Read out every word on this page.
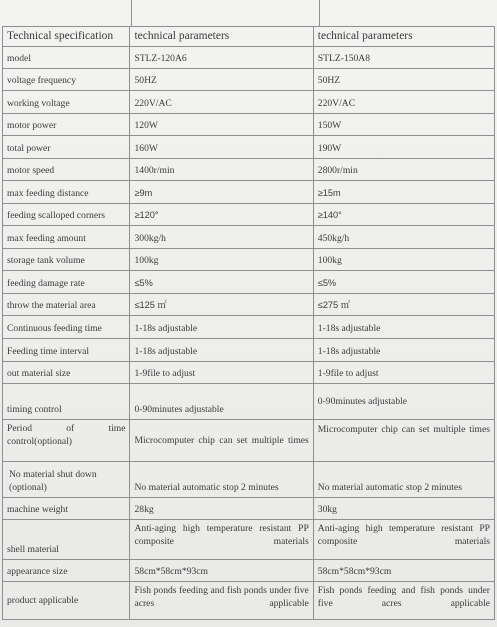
Technical specification	technical parameters	technical parameters
model	STLZ-120A6	STLZ-150A8
voltage frequency	50HZ	50HZ
working voltage	220V/AC	220V/AC
motor power	120W	150W
total power	160W	190W
motor speed	1400r/min	2800r/min
max feeding distance	≥9m	≥15m
feeding scalloped corners	≥120°	≥140°
max feeding amount	300kg/h	450kg/h
storage tank volume	100kg	100kg
feeding damage rate	≤5%	≤5%
throw the material area	≤125 ㎡	≤275 ㎡
Continuous feeding time	1-18s adjustable	1-18s adjustable
Feeding time interval	1-18s adjustable	1-18s adjustable
out material size	1-9file to adjust	1-9file to adjust
timing control	0-90minutes adjustable	0-90minutes adjustable
Period of time control(optional)	Microcomputer chip can set multiple times	Microcomputer chip can set multiple times
No material shut down (optional)	No material automatic stop 2 minutes	No material automatic stop 2 minutes
machine weight	28kg	30kg
shell material	Anti-aging high temperature resistant PP composite materials	Anti-aging high temperature resistant PP composite materials
appearance size	58cm*58cm*93cm	58cm*58cm*93cm
product applicable	Fish ponds feeding and fish ponds under five acres applicable	Fish ponds feeding and fish ponds under five acres applicable
